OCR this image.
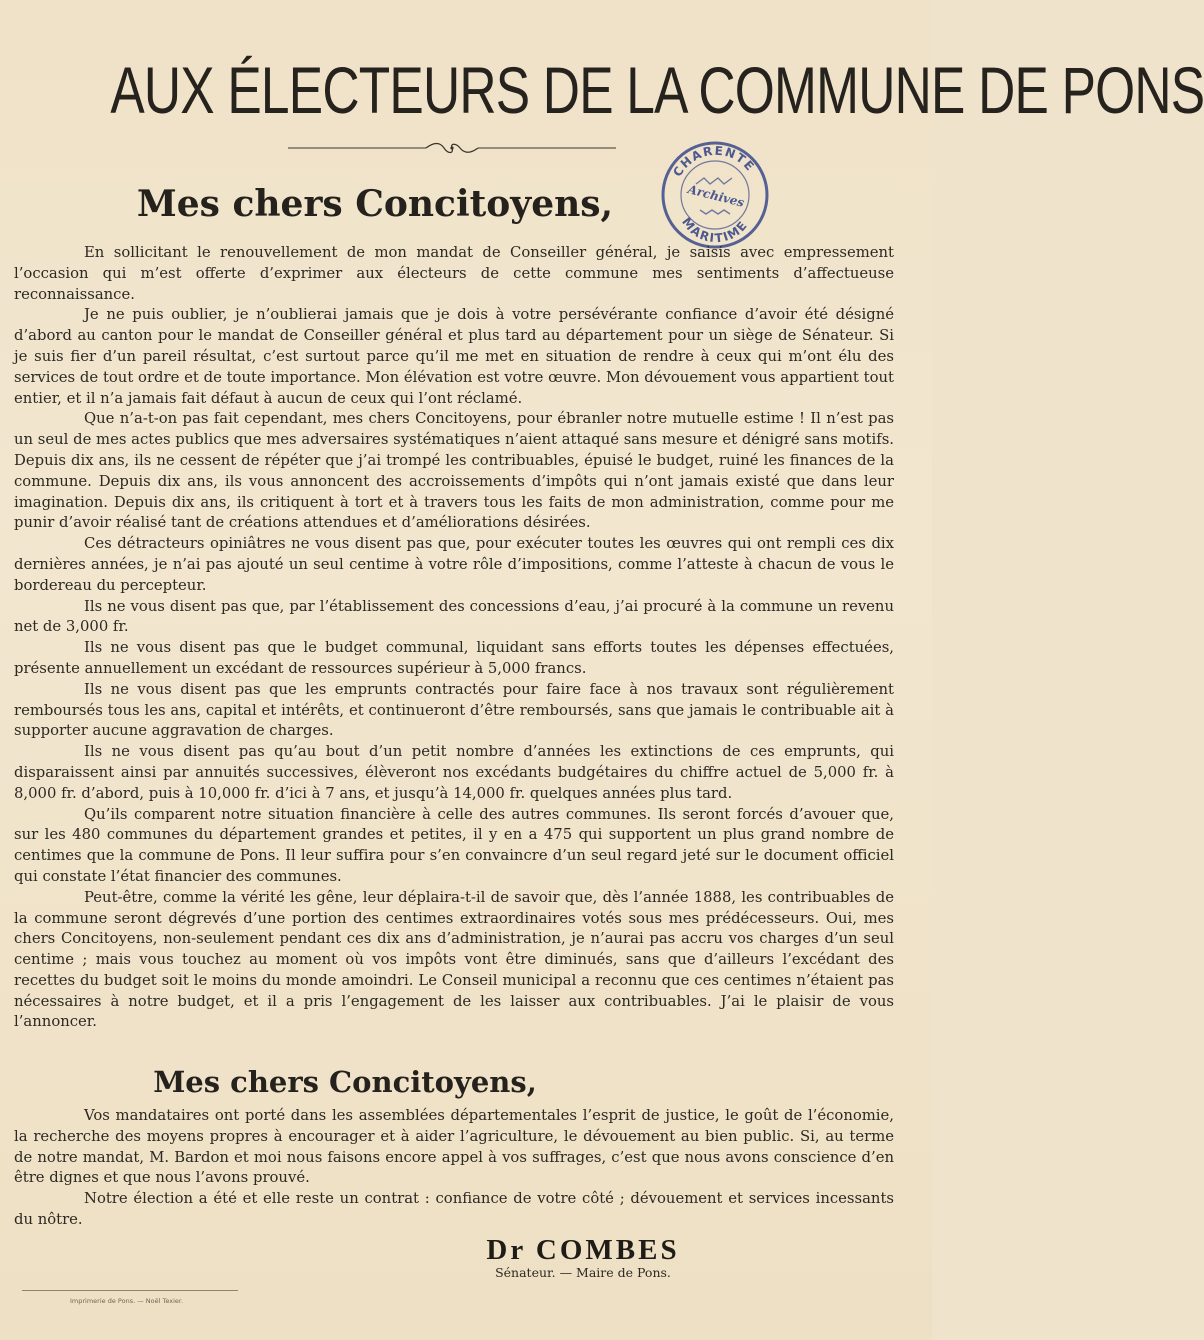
AUX ÉLECTEURS DE LA COMMUNE DE PONS
CHARENTE
Archives
MARITIME
Mes chers Concitoyens,

En sollicitant le renouvellement de mon mandat de Conseiller général, je saisis avec empressement l’occasion qui m’est offerte d’exprimer aux électeurs de cette commune mes sentiments d’affectueuse reconnaissance.

Je ne puis oublier, je n’oublierai jamais que je dois à votre persévérante confiance d’avoir été désigné d’abord au canton pour le mandat de Conseiller général et plus tard au département pour un siège de Sénateur. Si je suis fier d’un pareil résultat, c’est surtout parce qu’il me met en situation de rendre à ceux qui m’ont élu des services de tout ordre et de toute importance. Mon élévation est votre œuvre. Mon dévouement vous appartient tout entier, et il n’a jamais fait défaut à aucun de ceux qui l’ont réclamé.

Que n’a-t-on pas fait cependant, mes chers Concitoyens, pour ébranler notre mutuelle estime ! Il n’est pas un seul de mes actes publics que mes adversaires systématiques n’aient attaqué sans mesure et dénigré sans motifs. Depuis dix ans, ils ne cessent de répéter que j’ai trompé les contribuables, épuisé le budget, ruiné les finances de la commune. Depuis dix ans, ils vous annoncent des accroissements d’impôts qui n’ont jamais existé que dans leur imagination. Depuis dix ans, ils critiquent à tort et à travers tous les faits de mon administration, comme pour me punir d’avoir réalisé tant de créations attendues et d’améliorations désirées.

Ces détracteurs opiniâtres ne vous disent pas que, pour exécuter toutes les œuvres qui ont rempli ces dix dernières années, je n’ai pas ajouté un seul centime à votre rôle d’impositions, comme l’atteste à chacun de vous le bordereau du percepteur.

Ils ne vous disent pas que, par l’établissement des concessions d’eau, j’ai procuré à la commune un revenu net de 3,000 fr.

Ils ne vous disent pas que le budget communal, liquidant sans efforts toutes les dépenses effectuées, présente annuellement un excédant de ressources supérieur à 5,000 francs.

Ils ne vous disent pas que les emprunts contractés pour faire face à nos travaux sont régulièrement remboursés tous les ans, capital et intérêts, et continueront d’être remboursés, sans que jamais le contribuable ait à supporter aucune aggravation de charges.

Ils ne vous disent pas qu’au bout d’un petit nombre d’années les extinctions de ces emprunts, qui disparaissent ainsi par annuités successives, élèveront nos excédants budgétaires du chiffre actuel de 5,000 fr. à 8,000 fr. d’abord, puis à 10,000 fr. d’ici à 7 ans, et jusqu’à 14,000 fr. quelques années plus tard.

Qu’ils comparent notre situation financière à celle des autres communes. Ils seront forcés d’avouer que, sur les 480 communes du département grandes et petites, il y en a 475 qui supportent un plus grand nombre de centimes que la commune de Pons. Il leur suffira pour s’en convaincre d’un seul regard jeté sur le document officiel qui constate l’état financier des communes.

Peut-être, comme la vérité les gêne, leur déplaira-t-il de savoir que, dès l’année 1888, les contribuables de la commune seront dégrevés d’une portion des centimes extraordinaires votés sous mes prédécesseurs. Oui, mes chers Concitoyens, non-seulement pendant ces dix ans d’administration, je n’aurai pas accru vos charges d’un seul centime ; mais vous touchez au moment où vos impôts vont être diminués, sans que d’ailleurs l’excédant des recettes du budget soit le moins du monde amoindri. Le Conseil municipal a reconnu que ces centimes n’étaient pas nécessaires à notre budget, et il a pris l’engagement de les laisser aux contribuables. J’ai le plaisir de vous l’annoncer.

Mes chers Concitoyens,

Vos mandataires ont porté dans les assemblées départementales l’esprit de justice, le goût de l’économie, la recherche des moyens propres à encourager et à aider l’agriculture, le dévouement au bien public. Si, au terme de notre mandat, M. Bardon et moi nous faisons encore appel à vos suffrages, c’est que nous avons conscience d’en être dignes et que nous l’avons prouvé.

Notre élection a été et elle reste un contrat : confiance de votre côté ; dévouement et services incessants du nôtre.

Dr COMBES

Sénateur. — Maire de Pons.

Imprimerie de Pons. — Noël Texier.
